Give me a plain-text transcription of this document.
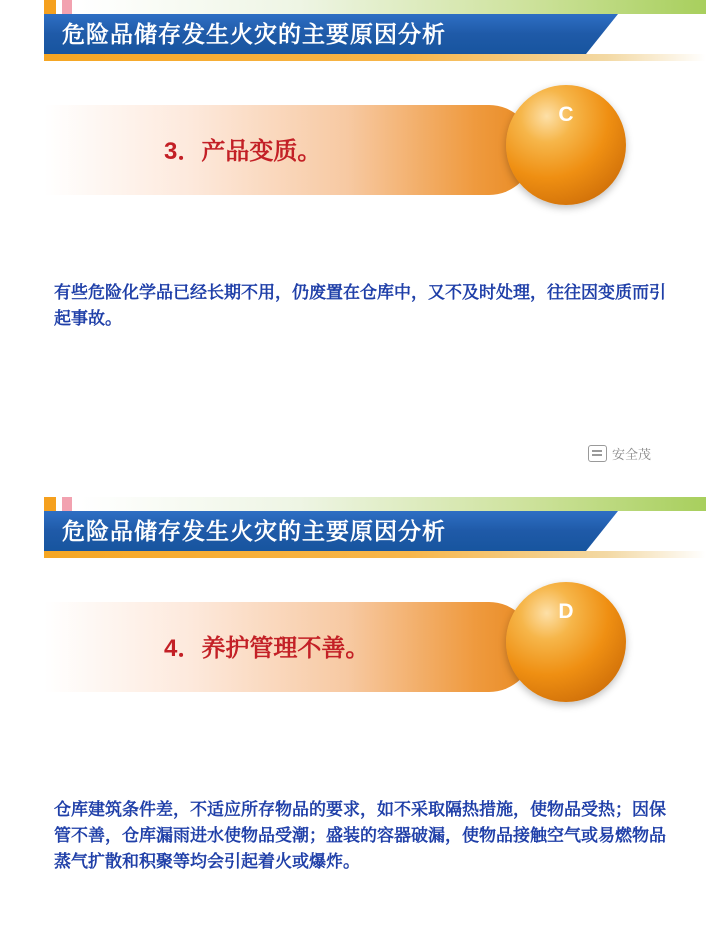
危险品储存发生火灾的主要原因分析
3．产品变质。
C
有些危险化学品已经长期不用，仍废置在仓库中，又不及时处理，往往因变质而引起事故。
安全茂
危险品储存发生火灾的主要原因分析
4．养护管理不善。
D
仓库建筑条件差，不适应所存物品的要求，如不采取隔热措施，使物品受热；因保管不善，仓库漏雨进水使物品受潮；盛装的容器破漏，使物品接触空气或易燃物品蒸气扩散和积聚等均会引起着火或爆炸。
